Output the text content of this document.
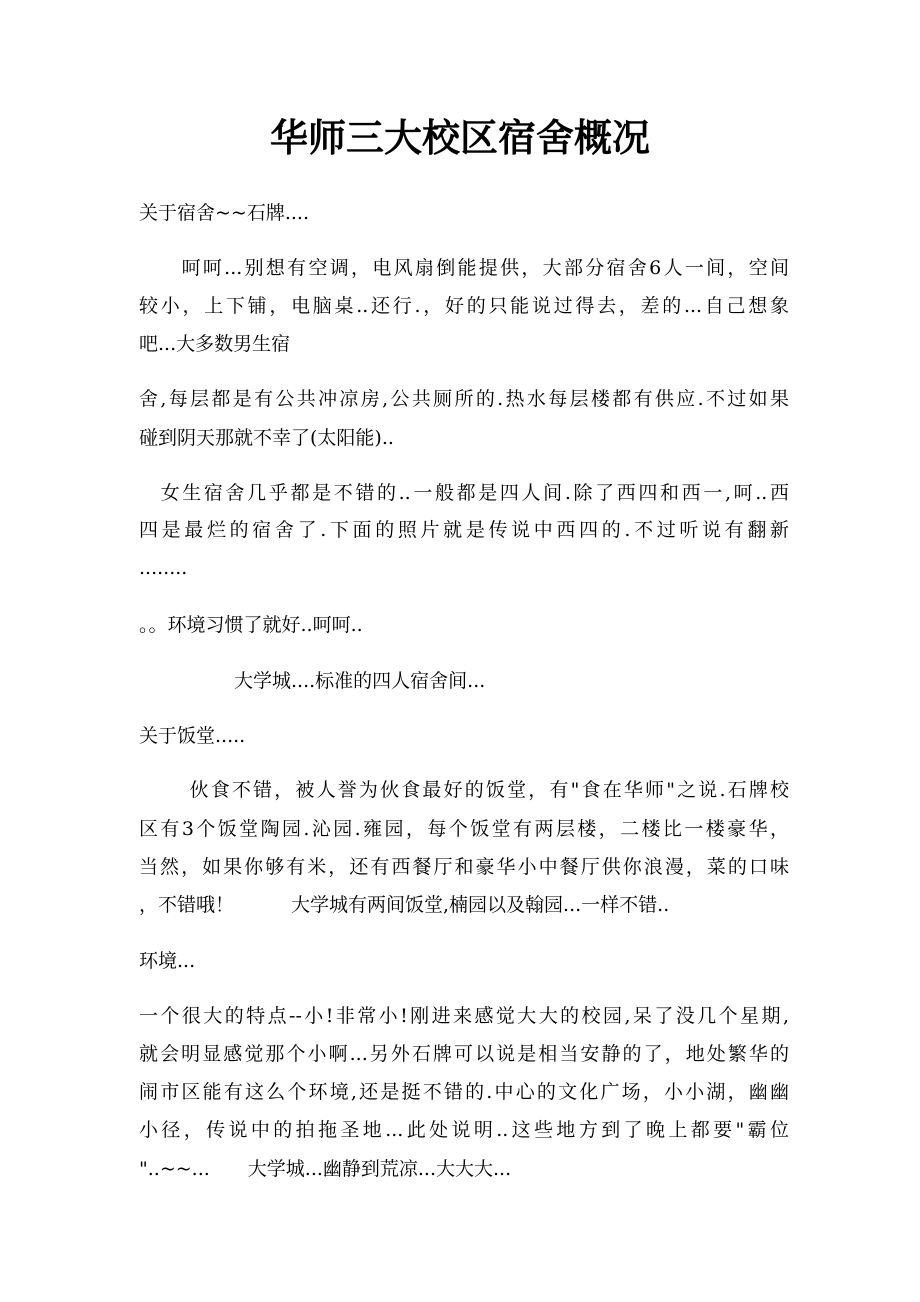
华师三大校区宿舍概况
关于宿舍~~石牌....
　　呵呵...别想有空调，电风扇倒能提供，大部分宿舍6人一间，空间
较小，上下铺，电脑桌..还行.，好的只能说过得去，差的...自己想象
吧...大多数男生宿
舍,每层都是有公共冲凉房,公共厕所的.热水每层楼都有供应.不过如果
碰到阴天那就不幸了(太阳能)..
　女生宿舍几乎都是不错的..一般都是四人间.除了西四和西一,呵..西
四是最烂的宿舍了.下面的照片就是传说中西四的.不过听说有翻新
........
。。环境习惯了就好..呵呵..
　　　　　大学城....标准的四人宿舍间...
关于饭堂.....
　　 伙食不错，被人誉为伙食最好的饭堂，有"食在华师"之说.石牌校
区有3个饭堂陶园.沁园.雍园，每个饭堂有两层楼，二楼比一楼豪华，
当然，如果你够有米，还有西餐厅和豪华小中餐厅供你浪漫，菜的口味
，不错哦！　　　大学城有两间饭堂,楠园以及翰园...一样不错..
环境...
一个很大的特点--小!非常小!刚进来感觉大大的校园,呆了没几个星期,
就会明显感觉那个小啊...另外石牌可以说是相当安静的了，地处繁华的
闹市区能有这么个环境,还是挺不错的.中心的文化广场，小小湖，幽幽
小径，传说中的拍拖圣地...此处说明..这些地方到了晚上都要"霸位
"..~~...　　大学城...幽静到荒凉...大大大...
